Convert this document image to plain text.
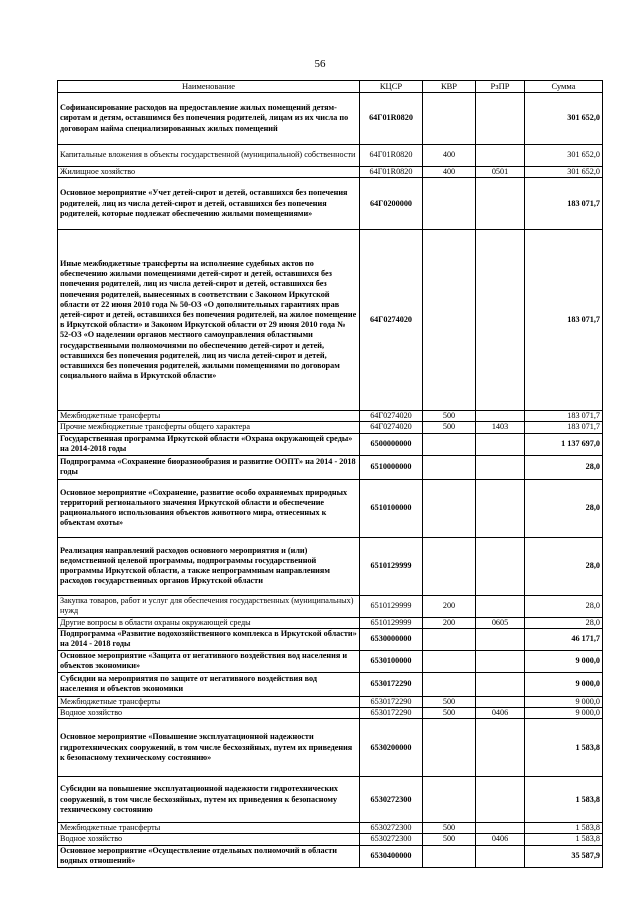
56
Наименование	КЦСР	КВР	РзПР	Сумма
Софинансирование расходов на предоставление жилых помещений детям-сиротам и детям, оставшимся без попечения родителей, лицам из их числа по договорам найма специализированных жилых помещений	64Г01R0820			301 652,0
Капитальные вложения в объекты государственной (муниципальной) собственности	64Г01R0820	400		301 652,0
Жилищное хозяйство	64Г01R0820	400	0501	301 652,0
Основное мероприятие «Учет детей-сирот и детей, оставшихся без попечения родителей, лиц из числа детей-сирот и детей, оставшихся без попечения родителей, которые подлежат обеспечению жилыми помещениями»	64Г0200000			183 071,7
Иные межбюджетные трансферты на исполнение судебных актов по обеспечению жилыми помещениями детей-сирот и детей, оставшихся без попечения родителей, лиц из числа детей-сирот и детей, оставшихся без попечения родителей, вынесенных в соответствии с Законом Иркутской области от 22 июня 2010 года № 50-ОЗ «О дополнительных гарантиях прав детей-сирот и детей, оставшихся без попечения родителей, на жилое помещение в Иркутской области» и Законом Иркутской области от 29 июня 2010 года № 52-ОЗ «О наделении органов местного самоуправления областными государственными полномочиями по обеспечению детей-сирот и детей, оставшихся без попечения родителей, лиц из числа детей-сирот и детей, оставшихся без попечения родителей, жилыми помещениями по договорам социального найма в Иркутской области»	64Г0274020			183 071,7
Межбюджетные трансферты	64Г0274020	500		183 071,7
Прочие межбюджетные трансферты общего характера	64Г0274020	500	1403	183 071,7
Государственная программа Иркутской области «Охрана окружающей среды» на 2014-2018 годы	6500000000			1 137 697,0
Подпрограмма «Сохранение биоразнообразия и развитие ООПТ» на 2014 - 2018 годы	6510000000			28,0
Основное мероприятие «Сохранение, развитие особо охраняемых природных территорий регионального значения Иркутской области и обеспечение рационального использования объектов животного мира, отнесенных к объектам охоты»	6510100000			28,0
Реализация направлений расходов основного мероприятия и (или) ведомственной целевой программы, подпрограммы государственной программы Иркутской области, а также непрограммным направлениям расходов государственных органов Иркутской области	6510129999			28,0
Закупка товаров, работ и услуг для обеспечения государственных (муниципальных) нужд	6510129999	200		28,0
Другие вопросы в области охраны окружающей среды	6510129999	200	0605	28,0
Подпрограмма «Развитие водохозяйственного комплекса в Иркутской области» на 2014 - 2018 годы	6530000000			46 171,7
Основное мероприятие «Защита от негативного воздействия вод населения и объектов экономики»	6530100000			9 000,0
Субсидии на мероприятия по защите от негативного воздействия вод населения и объектов экономики	6530172290			9 000,0
Межбюджетные трансферты	6530172290	500		9 000,0
Водное хозяйство	6530172290	500	0406	9 000,0
Основное мероприятие «Повышение эксплуатационной надежности гидротехнических сооружений, в том числе бесхозяйных, путем их приведения к безопасному техническому состоянию»	6530200000			1 583,8
Субсидии на повышение эксплуатационной надежности гидротехнических сооружений, в том числе бесхозяйных, путем их приведения к безопасному техническому состоянию	6530272300			1 583,8
Межбюджетные трансферты	6530272300	500		1 583,8
Водное хозяйство	6530272300	500	0406	1 583,8
Основное мероприятие «Осуществление отдельных полномочий в области водных отношений»	6530400000			35 587,9
